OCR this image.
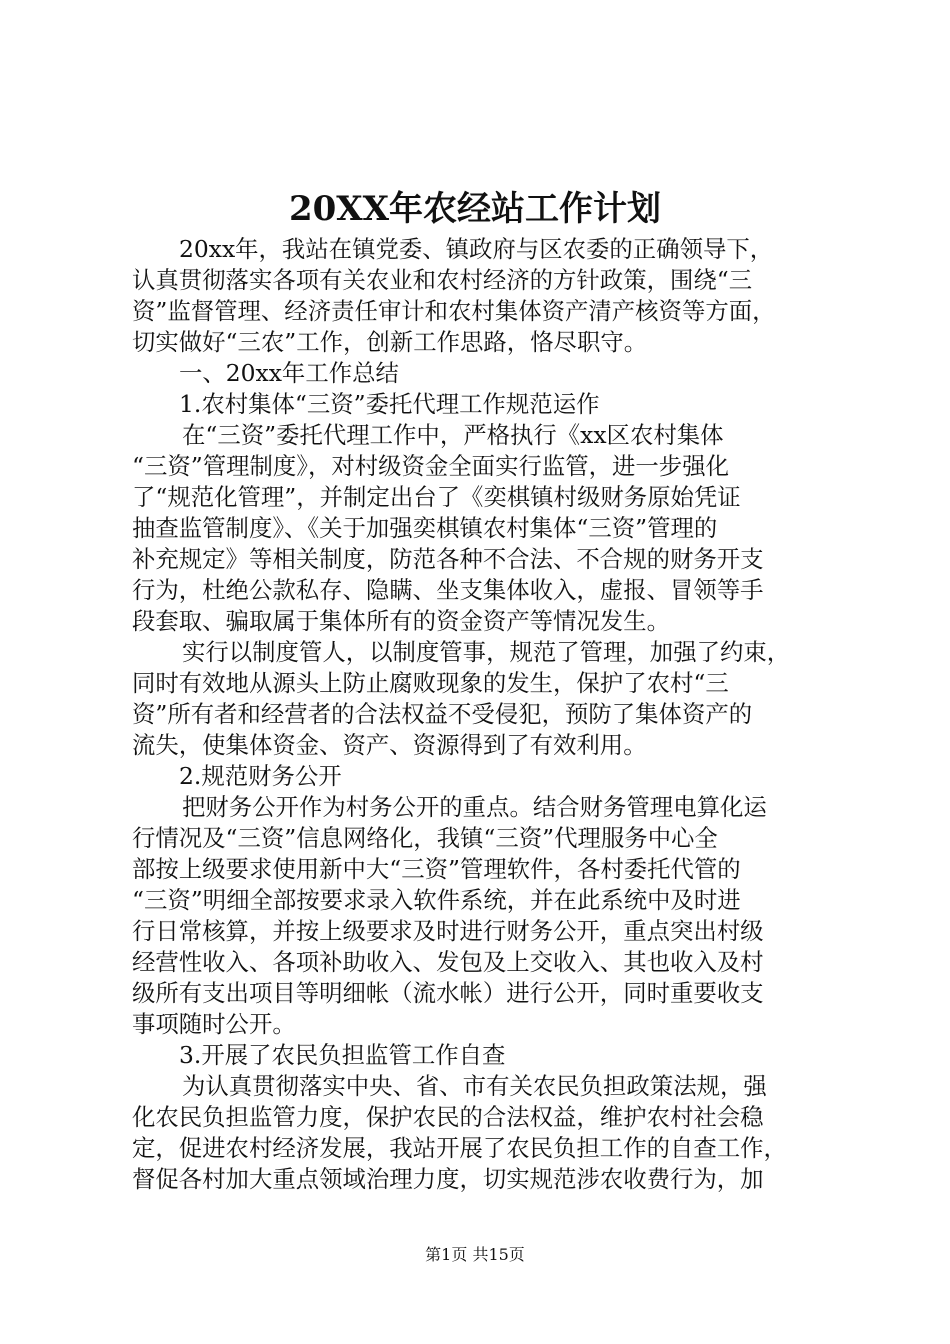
20XX年农经站工作计划
20xx年，我站在镇党委、镇政府与区农委的正确领导下，
认真贯彻落实各项有关农业和农村经济的方针政策，围绕“三
资”监督管理、经济责任审计和农村集体资产清产核资等方面，
切实做好“三农”工作，创新工作思路，恪尽职守。
一、20xx年工作总结
1.农村集体“三资”委托代理工作规范运作
在“三资”委托代理工作中，严格执行《xx区农村集体
“三资”管理制度》，对村级资金全面实行监管，进一步强化
了“规范化管理”，并制定出台了《奕棋镇村级财务原始凭证
抽查监管制度》、《关于加强奕棋镇农村集体“三资”管理的
补充规定》等相关制度，防范各种不合法、不合规的财务开支
行为，杜绝公款私存、隐瞒、坐支集体收入，虚报、冒领等手
段套取、骗取属于集体所有的资金资产等情况发生。
实行以制度管人，以制度管事，规范了管理，加强了约束，
同时有效地从源头上防止腐败现象的发生，保护了农村“三
资”所有者和经营者的合法权益不受侵犯，预防了集体资产的
流失，使集体资金、资产、资源得到了有效利用。
2.规范财务公开
把财务公开作为村务公开的重点。结合财务管理电算化运
行情况及“三资”信息网络化，我镇“三资”代理服务中心全
部按上级要求使用新中大“三资”管理软件，各村委托代管的
“三资”明细全部按要求录入软件系统，并在此系统中及时进
行日常核算，并按上级要求及时进行财务公开，重点突出村级
经营性收入、各项补助收入、发包及上交收入、其也收入及村
级所有支出项目等明细帐（流水帐）进行公开，同时重要收支
事项随时公开。
3.开展了农民负担监管工作自查
为认真贯彻落实中央、省、市有关农民负担政策法规，强
化农民负担监管力度，保护农民的合法权益，维护农村社会稳
定，促进农村经济发展，我站开展了农民负担工作的自查工作，
督促各村加大重点领域治理力度，切实规范涉农收费行为，加
第1页 共15页
